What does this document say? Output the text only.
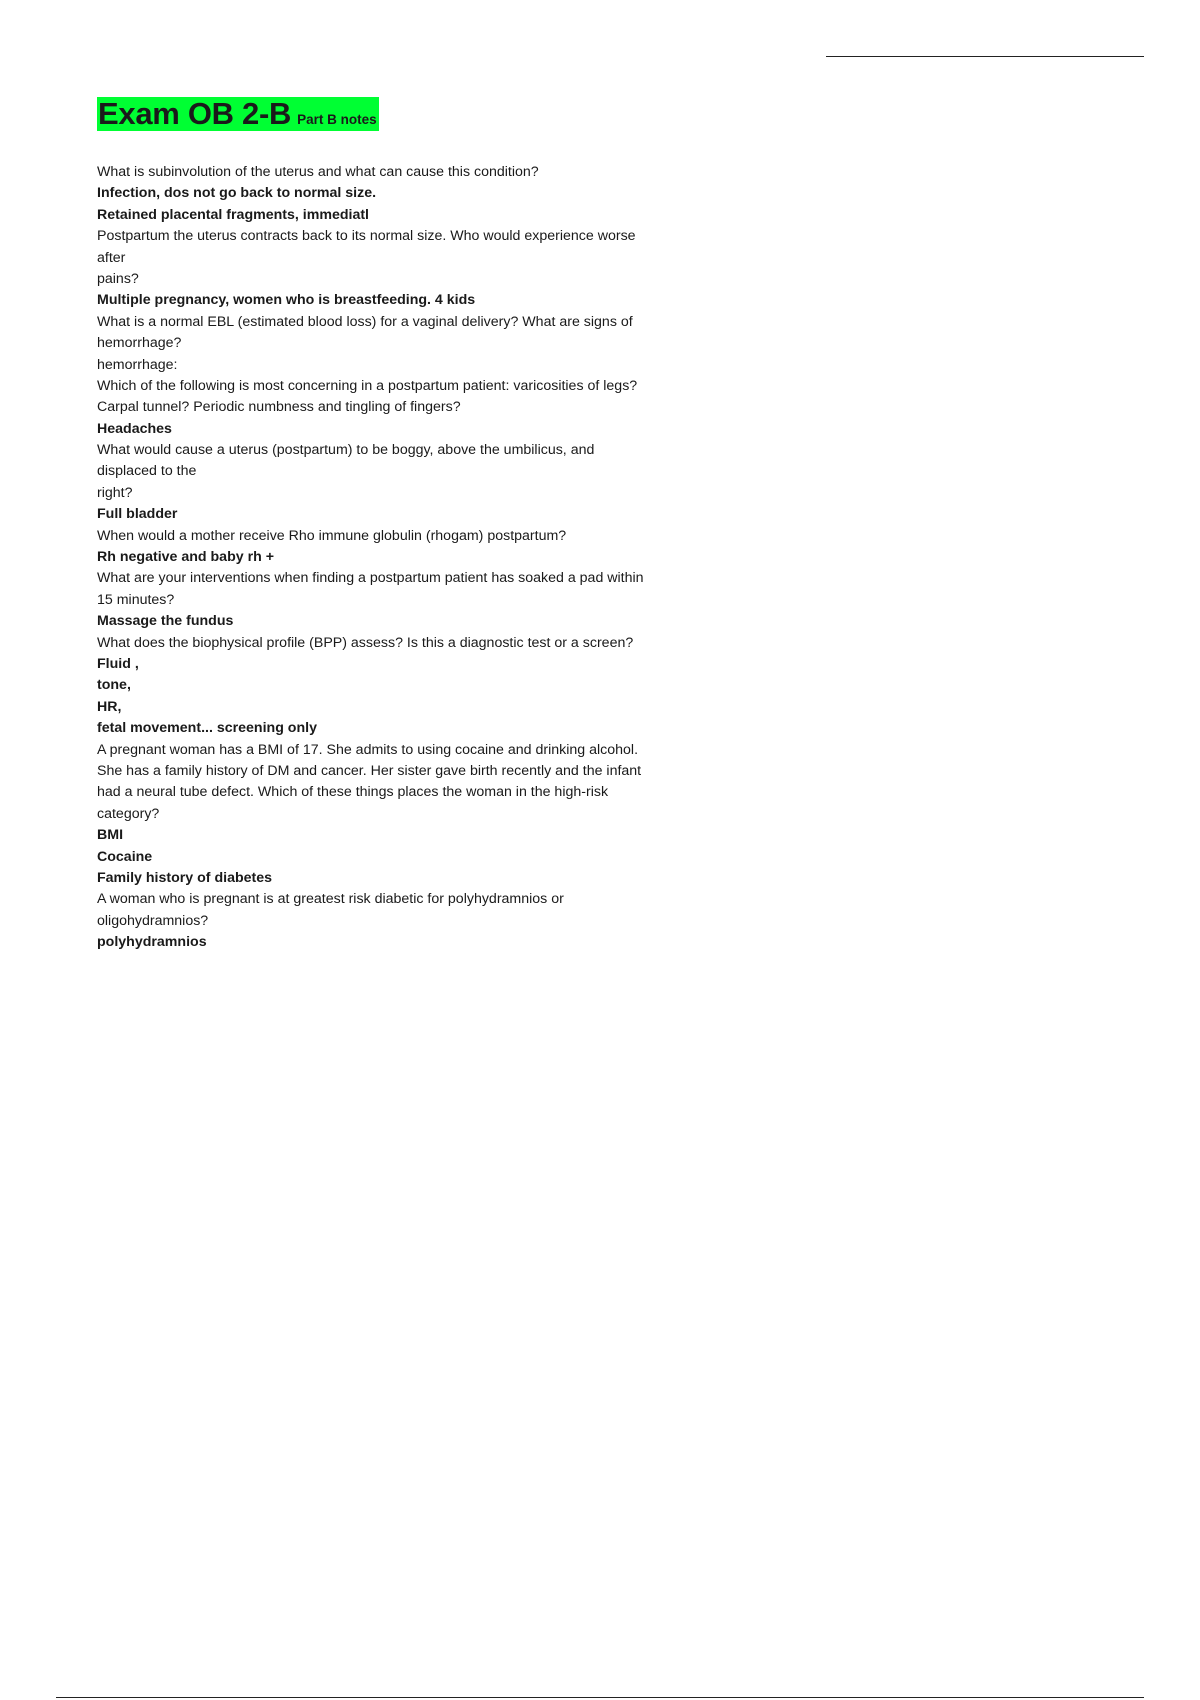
Exam OB 2-B Part B notes
What is subinvolution of the uterus and what can cause this condition?
Infection, dos not go back to normal size.
Retained placental fragments, immediatl
Postpartum the uterus contracts back to its normal size. Who would experience worse
after
pains?
Multiple pregnancy, women who is breastfeeding. 4 kids
What is a normal EBL (estimated blood loss) for a vaginal delivery? What are signs of
hemorrhage?
hemorrhage:
Which of the following is most concerning in a postpartum patient: varicosities of legs?
Carpal tunnel? Periodic numbness and tingling of fingers?
Headaches
What would cause a uterus (postpartum) to be boggy, above the umbilicus, and
displaced to the
right?
Full bladder
When would a mother receive Rho immune globulin (rhogam) postpartum?
Rh negative and baby rh +
What are your interventions when finding a postpartum patient has soaked a pad within
15 minutes?
Massage the fundus
What does the biophysical profile (BPP) assess? Is this a diagnostic test or a screen?
Fluid ,
tone,
HR,
fetal movement... screening only
A pregnant woman has a BMI of 17. She admits to using cocaine and drinking alcohol.
She has a family history of DM and cancer. Her sister gave birth recently and the infant
had a neural tube defect. Which of these things places the woman in the high-risk
category?
BMI
Cocaine
Family history of diabetes
A woman who is pregnant is at greatest risk diabetic for polyhydramnios or
oligohydramnios?
polyhydramnios
